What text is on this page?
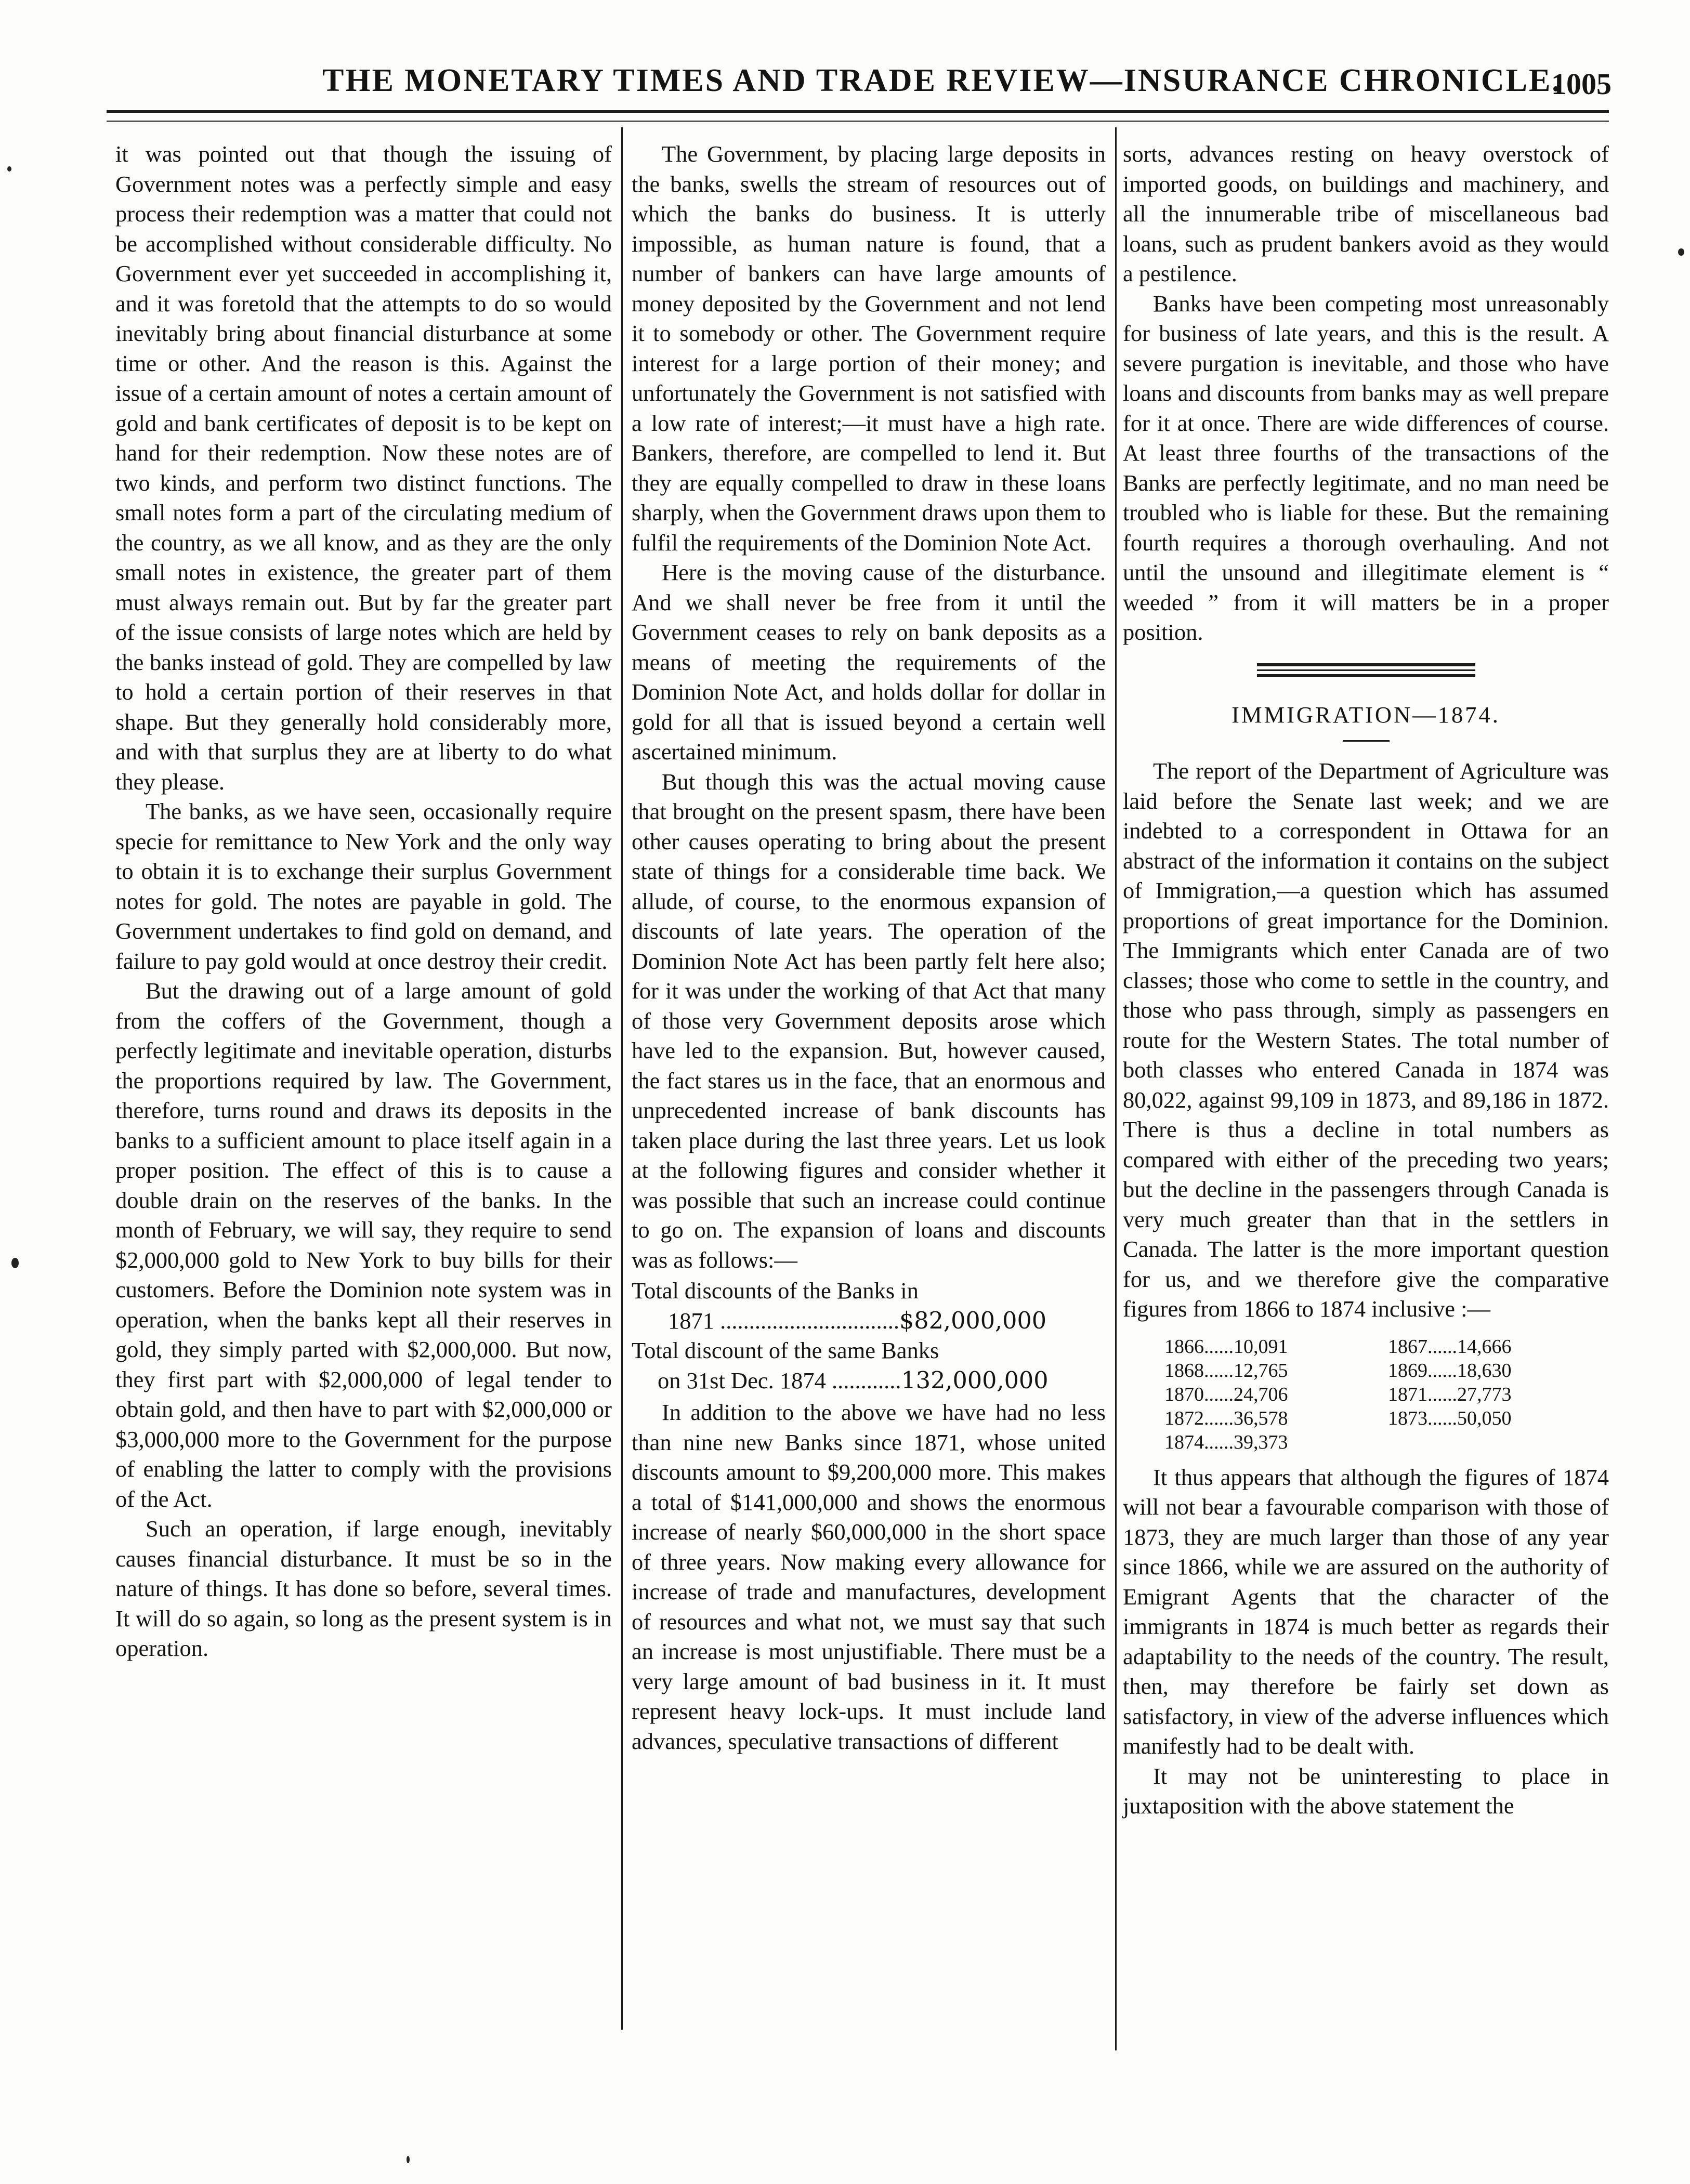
THE MONETARY TIMES AND TRADE REVIEW—INSURANCE CHRONICLE.
1005

it was pointed out that though the issuing of Government notes was a perfectly simple and easy process their redemption was a matter that could not be accomplished without considerable difficulty. No Government ever yet succeeded in accomplishing it, and it was foretold that the attempts to do so would inevitably bring about financial disturbance at some time or other. And the reason is this. Against the issue of a certain amount of notes a certain amount of gold and bank certificates of deposit is to be kept on hand for their redemption. Now these notes are of two kinds, and perform two distinct functions. The small notes form a part of the circulating medium of the country, as we all know, and as they are the only small notes in existence, the greater part of them must always remain out. But by far the greater part of the issue consists of large notes which are held by the banks instead of gold. They are compelled by law to hold a certain portion of their reserves in that shape. But they generally hold considerably more, and with that surplus they are at liberty to do what they please.

The banks, as we have seen, occasionally require specie for remittance to New York and the only way to obtain it is to exchange their surplus Government notes for gold. The notes are payable in gold. The Government undertakes to find gold on demand, and failure to pay gold would at once destroy their credit.

But the drawing out of a large amount of gold from the coffers of the Government, though a perfectly legitimate and inevitable operation, disturbs the proportions required by law. The Government, therefore, turns round and draws its deposits in the banks to a sufficient amount to place itself again in a proper position. The effect of this is to cause a double drain on the reserves of the banks. In the month of February, we will say, they require to send $2,000,000 gold to New York to buy bills for their customers. Before the Dominion note system was in operation, when the banks kept all their reserves in gold, they simply parted with $2,000,000. But now, they first part with $2,000,000 of legal tender to obtain gold, and then have to part with $2,000,000 or $3,000,000 more to the Government for the purpose of enabling the latter to comply with the provisions of the Act.

Such an operation, if large enough, inevitably causes financial disturbance. It must be so in the nature of things. It has done so before, several times. It will do so again, so long as the present system is in operation.

The Government, by placing large deposits in the banks, swells the stream of resources out of which the banks do business. It is utterly impossible, as human nature is found, that a number of bankers can have large amounts of money deposited by the Government and not lend it to somebody or other. The Government require interest for a large portion of their money; and unfortunately the Government is not satisfied with a low rate of interest;—it must have a high rate. Bankers, therefore, are compelled to lend it. But they are equally compelled to draw in these loans sharply, when the Government draws upon them to fulfil the requirements of the Dominion Note Act.

Here is the moving cause of the disturbance. And we shall never be free from it until the Government ceases to rely on bank deposits as a means of meeting the requirements of the Dominion Note Act, and holds dollar for dollar in gold for all that is issued beyond a certain well ascertained minimum.

But though this was the actual moving cause that brought on the present spasm, there have been other causes operating to bring about the present state of things for a considerable time back. We allude, of course, to the enormous expansion of discounts of late years. The operation of the Dominion Note Act has been partly felt here also; for it was under the working of that Act that many of those very Government deposits arose which have led to the expansion. But, however caused, the fact stares us in the face, that an enormous and unprecedented increase of bank discounts has taken place during the last three years. Let us look at the following figures and consider whether it was possible that such an increase could continue to go on. The expansion of loans and discounts was as follows:—

Total discounts of the Banks in
1871 ...............................$82,000,000
Total discount of the same Banks
on 31st Dec. 1874 ............132,000,000

In addition to the above we have had no less than nine new Banks since 1871, whose united discounts amount to $9,200,000 more. This makes a total of $141,000,000 and shows the enormous increase of nearly $60,000,000 in the short space of three years. Now making every allowance for increase of trade and manufactures, development of resources and what not, we must say that such an increase is most unjustifiable. There must be a very large amount of bad business in it. It must represent heavy lock-ups. It must include land advances, speculative transactions of different

sorts, advances resting on heavy overstock of imported goods, on buildings and machinery, and all the innumerable tribe of miscellaneous bad loans, such as prudent bankers avoid as they would a pestilence.

Banks have been competing most unreasonably for business of late years, and this is the result. A severe purgation is inevitable, and those who have loans and discounts from banks may as well prepare for it at once. There are wide differences of course. At least three fourths of the transactions of the Banks are perfectly legitimate, and no man need be troubled who is liable for these. But the remaining fourth requires a thorough overhauling. And not until the unsound and illegitimate element is “ weeded ” from it will matters be in a proper position.

IMMIGRATION—1874.

The report of the Department of Agriculture was laid before the Senate last week; and we are indebted to a correspondent in Ottawa for an abstract of the information it contains on the subject of Immigration,—a question which has assumed proportions of great importance for the Dominion. The Immigrants which enter Canada are of two classes; those who come to settle in the country, and those who pass through, simply as passengers en route for the Western States. The total number of both classes who entered Canada in 1874 was 80,022, against 99,109 in 1873, and 89,186 in 1872. There is thus a decline in total numbers as compared with either of the preceding two years; but the decline in the passengers through Canada is very much greater than that in the settlers in Canada. The latter is the more important question for us, and we therefore give the comparative figures from 1866 to 1874 inclusive :—

1866......10,091	1867......14,666
1868......12,765	1869......18,630
1870......24,706	1871......27,773
1872......36,578	1873......50,050
1874......39,373

It thus appears that although the figures of 1874 will not bear a favourable comparison with those of 1873, they are much larger than those of any year since 1866, while we are assured on the authority of Emigrant Agents that the character of the immigrants in 1874 is much better as regards their adaptability to the needs of the country. The result, then, may therefore be fairly set down as satisfactory, in view of the adverse influences which manifestly had to be dealt with.

It may not be uninteresting to place in juxtaposition with the above statement the
